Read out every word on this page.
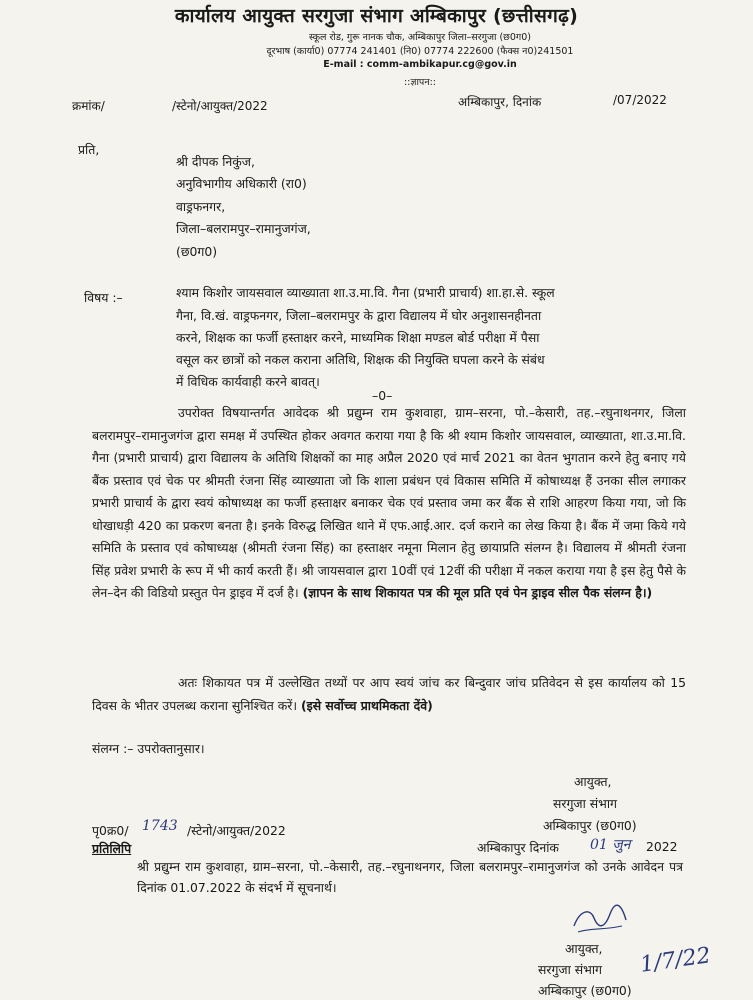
कार्यालय आयुक्त सरगुजा संभाग अम्बिकापुर (छत्तीसगढ़)
स्कूल रोड, गुरू नानक चौक, अम्बिकापुर जिला–सरगुजा (छ0ग0)
दूरभाष (कार्या0) 07774 241401 (नि0) 07774 222600 (फैक्स न0)241501
E-mail : comm-ambikapur.cg@gov.in
::ज्ञापन::
क्रमांक/	/स्टेनो/आयुक्त/2022	अम्बिकापुर, दिनांक	/07/2022
प्रति,
श्री दीपक निकुंज,
अनुविभागीय अधिकारी (रा0)
वाड्रफनगर,
जिला–बलरामपुर–रामानुजगंज,
(छ0ग0)
विषय :–	श्याम किशोर जायसवाल व्याख्याता शा.उ.मा.वि. गैना (प्रभारी प्राचार्य) शा.हा.से. स्कूल
गैना, वि.खं. वाड्रफनगर, जिला–बलरामपुर के द्वारा विद्यालय में घोर अनुशासनहीनता
करने, शिक्षक का फर्जी हस्ताक्षर करने, माध्यमिक शिक्षा मण्डल बोर्ड परीक्षा में पैसा
वसूल कर छात्रों को नकल कराना अतिथि, शिक्षक की नियुक्ति घपला करने के संबंध
में विधिक कार्यवाही करने बावत्।
–0–
उपरोक्त विषयान्तर्गत आवेदक श्री प्रद्युम्न राम कुशवाहा, ग्राम–सरना, पो.–केसारी, तह.–रघुनाथनगर, जिला बलरामपुर–रामानुजगंज द्वारा समक्ष में उपस्थित होकर अवगत कराया गया है कि श्री श्याम किशोर जायसवाल, व्याख्याता, शा.उ.मा.वि. गैना (प्रभारी प्राचार्य) द्वारा विद्यालय के अतिथि शिक्षकों का माह अप्रैल 2020 एवं मार्च 2021 का वेतन भुगतान करने हेतु बनाए गये बैंक प्रस्ताव एवं चेक पर श्रीमती रंजना सिंह व्याख्याता जो कि शाला प्रबंधन एवं विकास समिति में कोषाध्यक्ष हैं उनका सील लगाकर प्रभारी प्राचार्य के द्वारा स्वयं कोषाध्यक्ष का फर्जी हस्ताक्षर बनाकर चेक एवं प्रस्ताव जमा कर बैंक से राशि आहरण किया गया, जो कि धोखाधड़ी 420 का प्रकरण बनता है। इनके विरुद्ध लिखित थाने में एफ.आई.आर. दर्ज कराने का लेख किया है। बैंक में जमा किये गये समिति के प्रस्ताव एवं कोषाध्यक्ष (श्रीमती रंजना सिंह) का हस्ताक्षर नमूना मिलान हेतु छायाप्रति संलग्न है। विद्यालय में श्रीमती रंजना सिंह प्रवेश प्रभारी के रूप में भी कार्य करती हैं। श्री जायसवाल द्वारा 10वीं एवं 12वीं की परीक्षा में नकल कराया गया है इस हेतु पैसे के लेन–देन की विडियो प्रस्तुत पेन ड्राइव में दर्ज है। (ज्ञापन के साथ शिकायत पत्र की मूल प्रति एवं पेन ड्राइव सील पैक संलग्न है।)
अतः शिकायत पत्र में उल्लेखित तथ्यों पर आप स्वयं जांच कर बिन्दुवार जांच प्रतिवेदन से इस कार्यालय को 15 दिवस के भीतर उपलब्ध कराना सुनिश्चित करें। (इसे सर्वोच्च प्राथमिकता देंवे)
संलग्न :– उपरोक्तानुसार।
आयुक्त,
सरगुजा संभाग
अम्बिकापुर (छ0ग0)
पृ0क्र0/ 1743 /स्टेनो/आयुक्त/2022
प्रतिलिपि	अम्बिकापुर दिनांक 01 जुन 2022
श्री प्रद्युम्न राम कुशवाहा, ग्राम–सरना, पो.–केसारी, तह.–रघुनाथनगर, जिला बलरामपुर–रामानुजगंज को उनके आवेदन पत्र दिनांक 01.07.2022 के संदर्भ में सूचनार्थ।
आयुक्त,
सरगुजा संभाग
अम्बिकापुर (छ0ग0)
1/7/22
